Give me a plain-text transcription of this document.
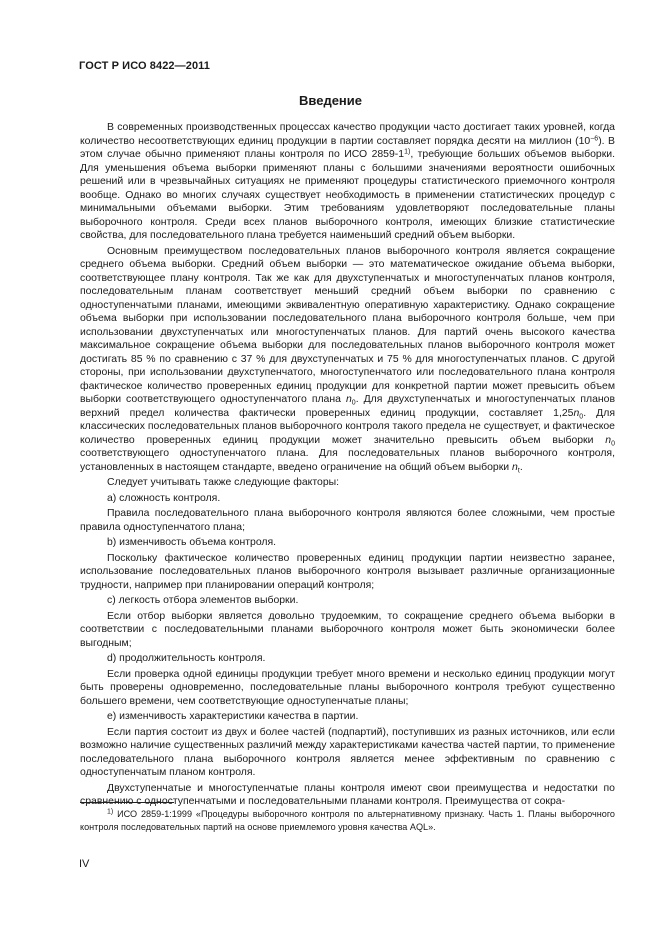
ГОСТ Р ИСО 8422—2011
Введение

В современных производственных процессах качество продукции часто достигает таких уровней, когда количество несоответствующих единиц продукции в партии составляет порядка десяти на миллион $(10^{-6})$. В этом случае обычно применяют планы контроля по ИСО 2859-1$^{1)}$, требующие больших объемов выборки. Для уменьшения объема выборки применяют планы с большими значениями вероятности ошибочных решений или в чрезвычайных ситуациях не применяют процедуры статистического приемочного контроля вообще. Однако во многих случаях существует необходимость в применении статистических процедур с минимальными объемами выборки. Этим требованиям удовлетворяют последовательные планы выборочного контроля. Среди всех планов выборочного контроля, имеющих близкие статистические свойства, для последовательного плана требуется наименьший средний объем выборки.

Основным преимуществом последовательных планов выборочного контроля является сокращение среднего объема выборки. Средний объем выборки — это математическое ожидание объема выборки, соответствующее плану контроля. Так же как для двухступенчатых и многоступенчатых планов контроля, последовательным планам соответствует меньший средний объем выборки по сравнению с одноступенчатыми планами, имеющими эквивалентную оперативную характеристику. Однако сокращение объема выборки при использовании последовательного плана выборочного контроля больше, чем при использовании двухступенчатых или многоступенчатых планов. Для партий очень высокого качества максимальное сокращение объема выборки для последовательных планов выборочного контроля может достигать 85 % по сравнению с 37 % для двухступенчатых и 75 % для многоступенчатых планов. С другой стороны, при использовании двухступенчатого, многоступенчатого или последовательного плана контроля фактическое количество проверенных единиц продукции для конкретной партии может превысить объем выборки соответствующего одноступенчатого плана $n_0$. Для двухступенчатых и многоступенчатых планов верхний предел количества фактически проверенных единиц продукции, составляет $1,25n_0$. Для классических последовательных планов выборочного контроля такого предела не существует, и фактическое количество проверенных единиц продукции может значительно превысить объем выборки $n_0$ соответствующего одноступенчатого плана. Для последовательных планов выборочного контроля, установленных в настоящем стандарте, введено ограничение на общий объем выборки $n_t$.

Следует учитывать также следующие факторы:

а) сложность контроля.

Правила последовательного плана выборочного контроля являются более сложными, чем простые правила одноступенчатого плана;

b) изменчивость объема контроля.

Поскольку фактическое количество проверенных единиц продукции партии неизвестно заранее, использование последовательных планов выборочного контроля вызывает различные организационные трудности, например при планировании операций контроля;

с) легкость отбора элементов выборки.

Если отбор выборки является довольно трудоемким, то сокращение среднего объема выборки в соответствии с последовательными планами выборочного контроля может быть экономически более выгодным;

d) продолжительность контроля.

Если проверка одной единицы продукции требует много времени и несколько единиц продукции могут быть проверены одновременно, последовательные планы выборочного контроля требуют существенно большего времени, чем соответствующие одноступенчатые планы;

е) изменчивость характеристики качества в партии.

Если партия состоит из двух и более частей (подпартий), поступивших из разных источников, или если возможно наличие существенных различий между характеристиками качества частей партии, то применение последовательного плана выборочного контроля является менее эффективным по сравнению с одноступенчатым планом контроля.

Двухступенчатые и многоступенчатые планы контроля имеют свои преимущества и недостатки по сравнению с одноступенчатыми и последовательными планами контроля. Преимущества от сокра-

$^{1)}$ ИСО 2859-1:1999 «Процедуры выборочного контроля по альтернативному признаку. Часть 1. Планы выборочного контроля последовательных партий на основе приемлемого уровня качества AQL».

IV
